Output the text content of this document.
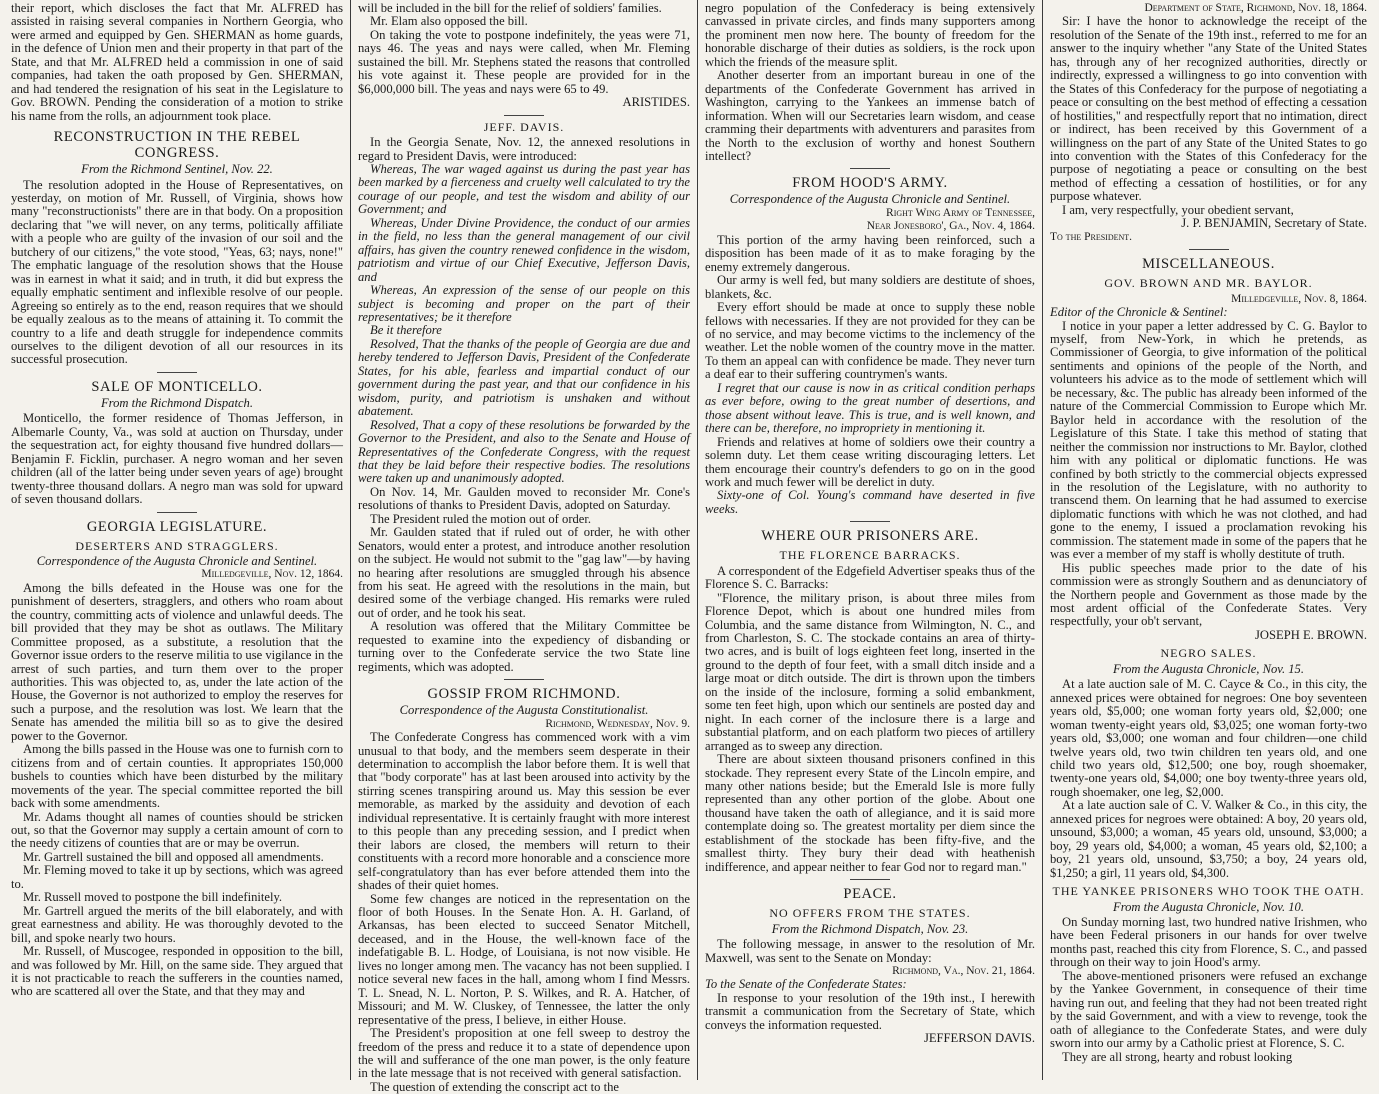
their report, which discloses the fact that Mr. ALFRED has assisted in raising several companies in Northern Georgia, who were armed and equipped by Gen. SHERMAN as home guards, in the defence of Union men and their property in that part of the State, and that Mr. ALFRED held a commission in one of said companies, had taken the oath proposed by Gen. SHERMAN, and had tendered the resignation of his seat in the Legislature to Gov. BROWN. Pending the consideration of a motion to strike his name from the rolls, an adjournment took place.

RECONSTRUCTION IN THE REBEL CONGRESS.

From the Richmond Sentinel, Nov. 22.

The resolution adopted in the House of Representatives, on yesterday, on motion of Mr. Russell, of Virginia, shows how many "reconstructionists" there are in that body. On a proposition declaring that "we will never, on any terms, politically affiliate with a people who are guilty of the invasion of our soil and the butchery of our citizens," the vote stood, "Yeas, 63; nays, none!" The emphatic language of the resolution shows that the House was in earnest in what it said; and in truth, it did but express the equally emphatic sentiment and inflexible resolve of our people. Agreeing so entirely as to the end, reason requires that we should be equally zealous as to the means of attaining it. To commit the country to a life and death struggle for independence commits ourselves to the diligent devotion of all our resources in its successful prosecution.

SALE OF MONTICELLO.

From the Richmond Dispatch.

Monticello, the former residence of Thomas Jefferson, in Albemarle County, Va., was sold at auction on Thursday, under the sequestration act, for eighty thousand five hundred dollars—Benjamin F. Ficklin, purchaser. A negro woman and her seven children (all of the latter being under seven years of age) brought twenty-three thousand dollars. A negro man was sold for upward of seven thousand dollars.

GEORGIA LEGISLATURE.
DESERTERS AND STRAGGLERS.

Correspondence of the Augusta Chronicle and Sentinel.

Milledgeville, Nov. 12, 1864.

Among the bills defeated in the House was one for the punishment of deserters, stragglers, and others who roam about the country, committing acts of violence and unlawful deeds. The bill provided that they may be shot as outlaws. The Military Committee proposed, as a substitute, a resolution that the Governor issue orders to the reserve militia to use vigilance in the arrest of such parties, and turn them over to the proper authorities. This was objected to, as, under the late action of the House, the Governor is not authorized to employ the reserves for such a purpose, and the resolution was lost. We learn that the Senate has amended the militia bill so as to give the desired power to the Governor.

Among the bills passed in the House was one to furnish corn to citizens from and of certain counties. It appropriates 150,000 bushels to counties which have been disturbed by the military movements of the year. The special committee reported the bill back with some amendments.

Mr. Adams thought all names of counties should be stricken out, so that the Governor may supply a certain amount of corn to the needy citizens of counties that are or may be overrun.

Mr. Gartrell sustained the bill and opposed all amendments.

Mr. Fleming moved to take it up by sections, which was agreed to.

Mr. Russell moved to postpone the bill indefinitely.

Mr. Gartrell argued the merits of the bill elaborately, and with great earnestness and ability. He was thoroughly devoted to the bill, and spoke nearly two hours.

Mr. Russell, of Muscogee, responded in opposition to the bill, and was followed by Mr. Hill, on the same side. They argued that it is not practicable to reach the sufferers in the counties named, who are scattered all over the State, and that they may and

will be included in the bill for the relief of soldiers' families.

Mr. Elam also opposed the bill.

On taking the vote to postpone indefinitely, the yeas were 71, nays 46. The yeas and nays were called, when Mr. Fleming sustained the bill. Mr. Stephens stated the reasons that controlled his vote against it. These people are provided for in the $6,000,000 bill. The yeas and nays were 65 to 49.

ARISTIDES.

JEFF. DAVIS.

In the Georgia Senate, Nov. 12, the annexed resolutions in regard to President Davis, were introduced:

Whereas, The war waged against us during the past year has been marked by a fierceness and cruelty well calculated to try the courage of our people, and test the wisdom and ability of our Government; and

Whereas, Under Divine Providence, the conduct of our armies in the field, no less than the general management of our civil affairs, has given the country renewed confidence in the wisdom, patriotism and virtue of our Chief Executive, Jefferson Davis, and

Whereas, An expression of the sense of our people on this subject is becoming and proper on the part of their representatives; be it therefore

Be it therefore

Resolved, That the thanks of the people of Georgia are due and hereby tendered to Jefferson Davis, President of the Confederate States, for his able, fearless and impartial conduct of our government during the past year, and that our confidence in his wisdom, purity, and patriotism is unshaken and without abatement.

Resolved, That a copy of these resolutions be forwarded by the Governor to the President, and also to the Senate and House of Representatives of the Confederate Congress, with the request that they be laid before their respective bodies. The resolutions were taken up and unanimously adopted.

On Nov. 14, Mr. Gaulden moved to reconsider Mr. Cone's resolutions of thanks to President Davis, adopted on Saturday.

The President ruled the motion out of order.

Mr. Gaulden stated that if ruled out of order, he with other Senators, would enter a protest, and introduce another resolution on the subject. He would not submit to the "gag law"—by having no hearing after resolutions are smuggled through his absence from his seat. He agreed with the resolutions in the main, but desired some of the verbiage changed. His remarks were ruled out of order, and he took his seat.

A resolution was offered that the Military Committee be requested to examine into the expediency of disbanding or turning over to the Confederate service the two State line regiments, which was adopted.

GOSSIP FROM RICHMOND.

Correspondence of the Augusta Constitutionalist.

Richmond, Wednesday, Nov. 9.

The Confederate Congress has commenced work with a vim unusual to that body, and the members seem desperate in their determination to accomplish the labor before them. It is well that that "body corporate" has at last been aroused into activity by the stirring scenes transpiring around us. May this session be ever memorable, as marked by the assiduity and devotion of each individual representative. It is certainly fraught with more interest to this people than any preceding session, and I predict when their labors are closed, the members will return to their constituents with a record more honorable and a conscience more self-congratulatory than has ever before attended them into the shades of their quiet homes.

Some few changes are noticed in the representation on the floor of both Houses. In the Senate Hon. A. H. Garland, of Arkansas, has been elected to succeed Senator Mitchell, deceased, and in the House, the well-known face of the indefatigable B. L. Hodge, of Louisiana, is not now visible. He lives no longer among men. The vacancy has not been supplied. I notice several new faces in the hall, among whom I find Messrs. T. L. Snead, N. L. Norton, P. S. Wilkes, and R. A. Hatcher, of Missouri; and M. W. Cluskey, of Tennessee, the latter the only representative of the press, I believe, in either House.

The President's proposition at one fell sweep to destroy the freedom of the press and reduce it to a state of dependence upon the will and sufferance of the one man power, is the only feature in the late message that is not received with general satisfaction.

The question of extending the conscript act to the

negro population of the Confederacy is being extensively canvassed in private circles, and finds many supporters among the prominent men now here. The bounty of freedom for the honorable discharge of their duties as soldiers, is the rock upon which the friends of the measure split.

Another deserter from an important bureau in one of the departments of the Confederate Government has arrived in Washington, carrying to the Yankees an immense batch of information. When will our Secretaries learn wisdom, and cease cramming their departments with adventurers and parasites from the North to the exclusion of worthy and honest Southern intellect?

FROM HOOD'S ARMY.

Correspondence of the Augusta Chronicle and Sentinel.

Right Wing Army of Tennessee,

Near Jonesboro', Ga., Nov. 4, 1864.

This portion of the army having been reinforced, such a disposition has been made of it as to make foraging by the enemy extremely dangerous.

Our army is well fed, but many soldiers are destitute of shoes, blankets, &c.

Every effort should be made at once to supply these noble fellows with necessaries. If they are not provided for they can be of no service, and may become victims to the inclemency of the weather. Let the noble women of the country move in the matter. To them an appeal can with confidence be made. They never turn a deaf ear to their suffering countrymen's wants.

I regret that our cause is now in as critical condition perhaps as ever before, owing to the great number of desertions, and those absent without leave. This is true, and is well known, and there can be, therefore, no impropriety in mentioning it.

Friends and relatives at home of soldiers owe their country a solemn duty. Let them cease writing discouraging letters. Let them encourage their country's defenders to go on in the good work and much fewer will be derelict in duty.

Sixty-one of Col. Young's command have deserted in five weeks.

WHERE OUR PRISONERS ARE.
THE FLORENCE BARRACKS.

A correspondent of the Edgefield Advertiser speaks thus of the Florence S. C. Barracks:

"Florence, the military prison, is about three miles from Florence Depot, which is about one hundred miles from Columbia, and the same distance from Wilmington, N. C., and from Charleston, S. C. The stockade contains an area of thirty-two acres, and is built of logs eighteen feet long, inserted in the ground to the depth of four feet, with a small ditch inside and a large moat or ditch outside. The dirt is thrown upon the timbers on the inside of the inclosure, forming a solid embankment, some ten feet high, upon which our sentinels are posted day and night. In each corner of the inclosure there is a large and substantial platform, and on each platform two pieces of artillery arranged as to sweep any direction.

There are about sixteen thousand prisoners confined in this stockade. They represent every State of the Lincoln empire, and many other nations beside; but the Emerald Isle is more fully represented than any other portion of the globe. About one thousand have taken the oath of allegiance, and it is said more contemplate doing so. The greatest mortality per diem since the establishment of the stockade has been fifty-five, and the smallest thirty. They bury their dead with heathenish indifference, and appear neither to fear God nor to regard man."

PEACE.
NO OFFERS FROM THE STATES.

From the Richmond Dispatch, Nov. 23.

The following message, in answer to the resolution of Mr. Maxwell, was sent to the Senate on Monday:

Richmond, Va., Nov. 21, 1864.

To the Senate of the Confederate States:

In response to your resolution of the 19th inst., I herewith transmit a communication from the Secretary of State, which conveys the information requested.

JEFFERSON DAVIS.

Department of State, Richmond, Nov. 18, 1864.

Sir: I have the honor to acknowledge the receipt of the resolution of the Senate of the 19th inst., referred to me for an answer to the inquiry whether "any State of the United States has, through any of her recognized authorities, directly or indirectly, expressed a willingness to go into convention with the States of this Confederacy for the purpose of negotiating a peace or consulting on the best method of effecting a cessation of hostilities," and respectfully report that no intimation, direct or indirect, has been received by this Government of a willingness on the part of any State of the United States to go into convention with the States of this Confederacy for the purpose of negotiating a peace or consulting on the best method of effecting a cessation of hostilities, or for any purpose whatever.

I am, very respectfully, your obedient servant,

J. P. BENJAMIN, Secretary of State.

To the President.

MISCELLANEOUS.
GOV. BROWN AND MR. BAYLOR.

Milledgeville, Nov. 8, 1864.

Editor of the Chronicle & Sentinel:

I notice in your paper a letter addressed by C. G. Baylor to myself, from New-York, in which he pretends, as Commissioner of Georgia, to give information of the political sentiments and opinions of the people of the North, and volunteers his advice as to the mode of settlement which will be necessary, &c. The public has already been informed of the nature of the Commercial Commission to Europe which Mr. Baylor held in accordance with the resolution of the Legislature of this State. I take this method of stating that neither the commission nor instructions to Mr. Baylor, clothed him with any political or diplomatic functions. He was confined by both strictly to the commercial objects expressed in the resolution of the Legislature, with no authority to transcend them. On learning that he had assumed to exercise diplomatic functions with which he was not clothed, and had gone to the enemy, I issued a proclamation revoking his commission. The statement made in some of the papers that he was ever a member of my staff is wholly destitute of truth.

His public speeches made prior to the date of his commission were as strongly Southern and as denunciatory of the Northern people and Government as those made by the most ardent official of the Confederate States. Very respectfully, your ob't servant,

JOSEPH E. BROWN.

NEGRO SALES.

From the Augusta Chronicle, Nov. 15.

At a late auction sale of M. C. Cayce & Co., in this city, the annexed prices were obtained for negroes: One boy seventeen years old, $5,000; one woman forty years old, $2,000; one woman twenty-eight years old, $3,025; one woman forty-two years old, $3,000; one woman and four children—one child twelve years old, two twin children ten years old, and one child two years old, $12,500; one boy, rough shoemaker, twenty-one years old, $4,000; one boy twenty-three years old, rough shoemaker, one leg, $2,000.

At a late auction sale of C. V. Walker & Co., in this city, the annexed prices for negroes were obtained: A boy, 20 years old, unsound, $3,000; a woman, 45 years old, unsound, $3,000; a boy, 29 years old, $4,000; a woman, 45 years old, $2,100; a boy, 21 years old, unsound, $3,750; a boy, 24 years old, $1,250; a girl, 11 years old, $4,300.

THE YANKEE PRISONERS WHO TOOK THE OATH.

From the Augusta Chronicle, Nov. 10.

On Sunday morning last, two hundred native Irishmen, who have been Federal prisoners in our hands for over twelve months past, reached this city from Florence, S. C., and passed through on their way to join Hood's army.

The above-mentioned prisoners were refused an exchange by the Yankee Government, in consequence of their time having run out, and feeling that they had not been treated right by the said Government, and with a view to revenge, took the oath of allegiance to the Confederate States, and were duly sworn into our army by a Catholic priest at Florence, S. C.

They are all strong, hearty and robust looking
